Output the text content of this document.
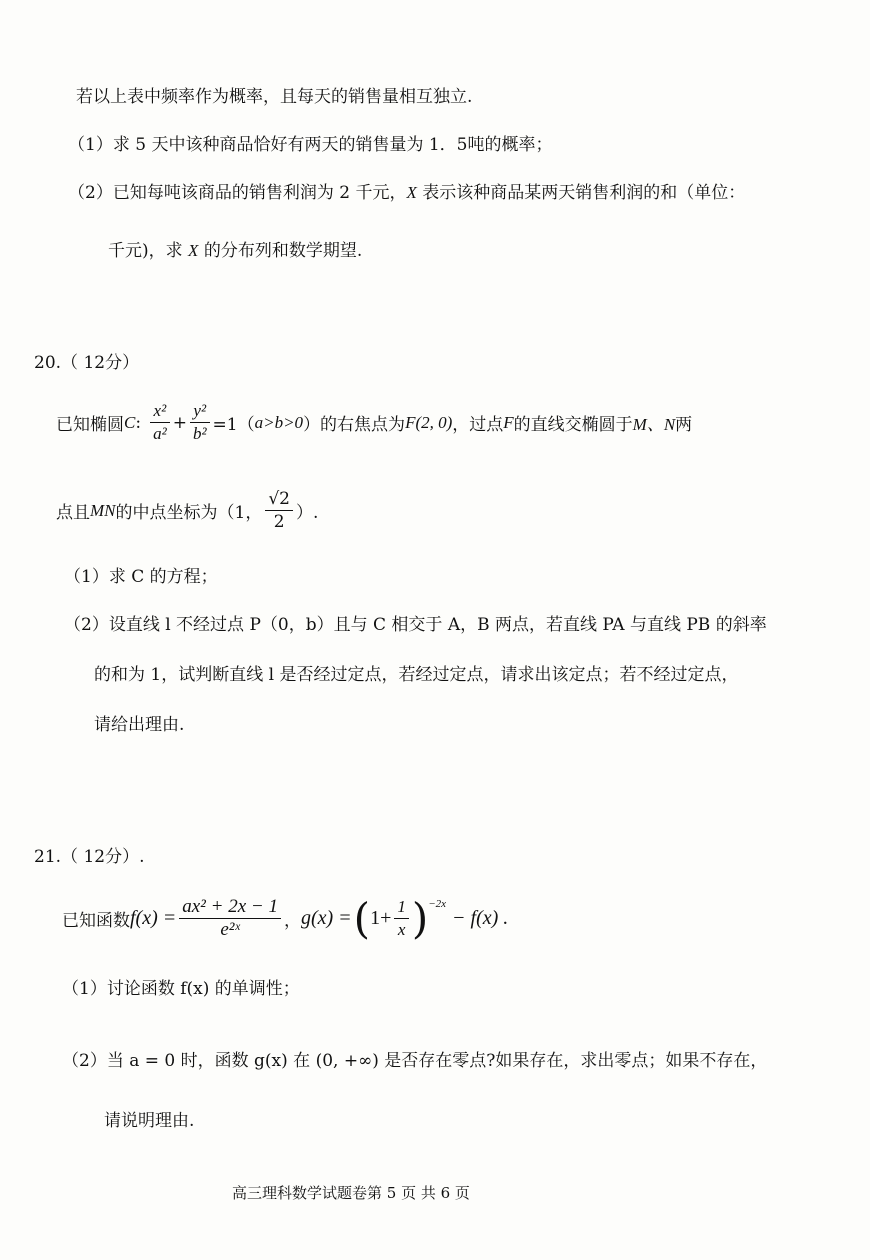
若以上表中频率作为概率，且每天的销售量相互独立.
（1）求 5 天中该种商品恰好有两天的销售量为 1．5吨的概率；
（2）已知每吨该商品的销售利润为 2 千元，X 表示该种商品某两天销售利润的和（单位：
千元)，求 X 的分布列和数学期望.
20.（ 12分）
已知椭圆 C : $\frac{\text{x²}}{\text{a²}} + \frac{\text{y²}}{\text{b²}} =1$（ a>b>0 ）的右焦点为 F(2, 0) ，过点 F 的直线交椭圆于 M、N 两
点且 MN 的中点坐标为（1， $\frac{√2}{2}$ ）.
（1）求 C 的方程；
（2）设直线 l 不经过点 P（0，b）且与 C 相交于 A，B 两点，若直线 PA 与直线 PB 的斜率
的和为 1，试判断直线 l 是否经过定点，若经过定点，请求出该定点；若不经过定点，
请给出理由.
21.（ 12分）.
已知函数 $f(x) = \frac{\text{ax² + 2x − 1}}{\text{e²ˣ}}$ ， g(x) = ( $1+ \frac{1}{x}$ ) −2x
− f(x) .
（1）讨论函数 f(x) 的单调性；
（2）当 a = 0 时，函数 g(x) 在 (0, +∞) 是否存在零点?如果存在，求出零点；如果不存在，
请说明理由.
高三理科数学试题卷第 5 页 共 6 页
